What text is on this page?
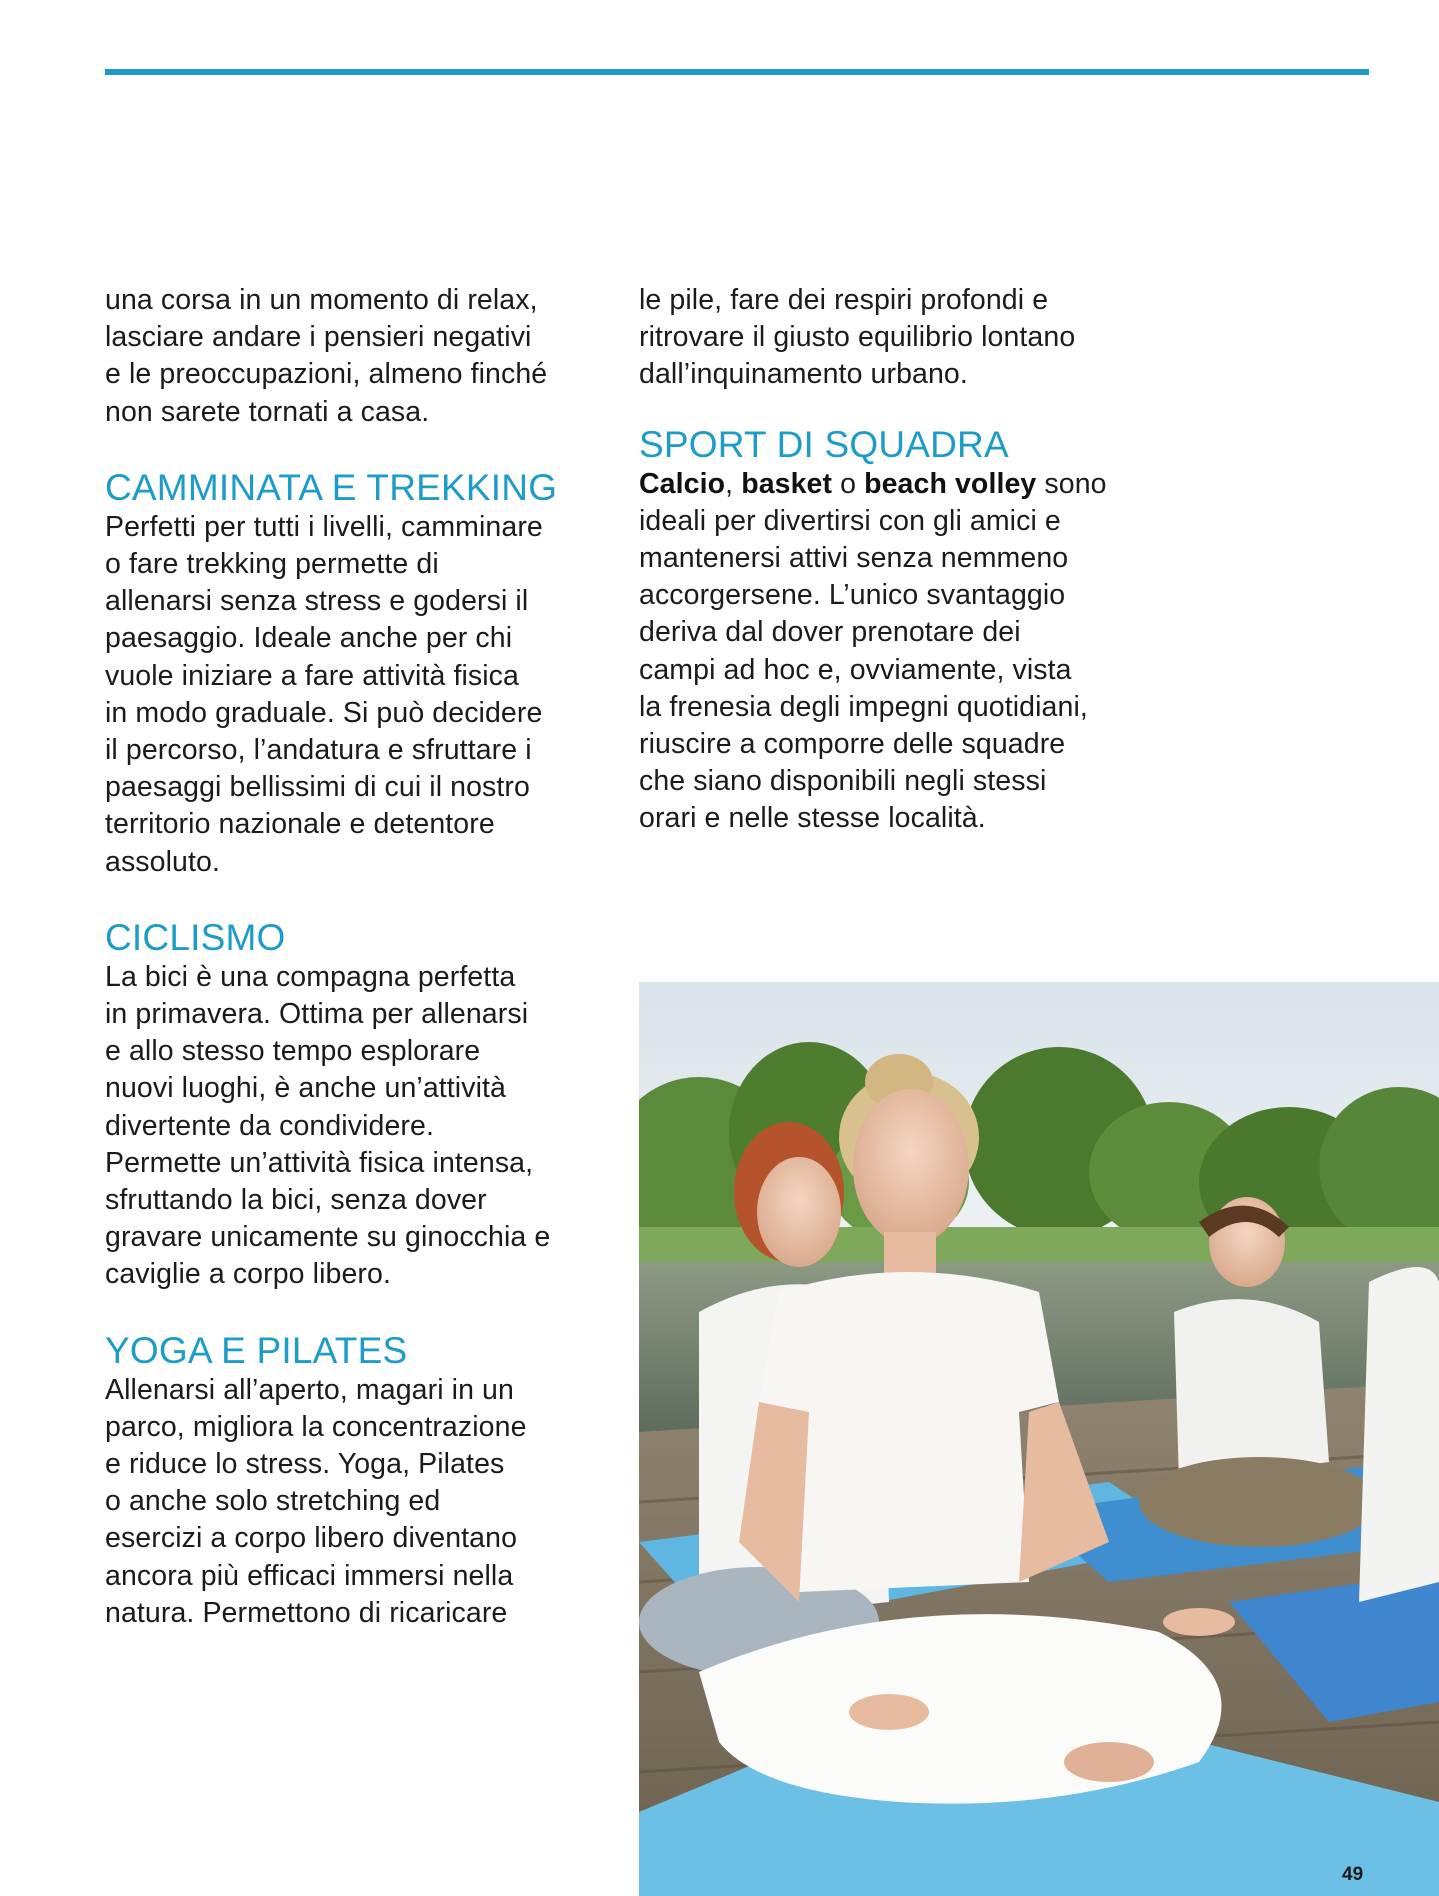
una corsa in un momento di relax,
lasciare andare i pensieri negativi
e le preoccupazioni, almeno finché
non sarete tornati a casa.

CAMMINATA E TREKKING

Perfetti per tutti i livelli, camminare
o fare trekking permette di
allenarsi senza stress e godersi il
paesaggio. Ideale anche per chi
vuole iniziare a fare attività fisica
in modo graduale. Si può decidere
il percorso, l’andatura e sfruttare i
paesaggi bellissimi di cui il nostro
territorio nazionale e detentore
assoluto.

CICLISMO

La bici è una compagna perfetta
in primavera. Ottima per allenarsi
e allo stesso tempo esplorare
nuovi luoghi, è anche un’attività
divertente da condividere.
Permette un’attività fisica intensa,
sfruttando la bici, senza dover
gravare unicamente su ginocchia e
caviglie a corpo libero.

YOGA E PILATES

Allenarsi all’aperto, magari in un
parco, migliora la concentrazione
e riduce lo stress. Yoga, Pilates
o anche solo stretching ed
esercizi a corpo libero diventano
ancora più efficaci immersi nella
natura. Permettono di ricaricare

le pile, fare dei respiri profondi e
ritrovare il giusto equilibrio lontano
dall’inquinamento urbano.

SPORT DI SQUADRA

Calcio, basket o beach volley sono
ideali per divertirsi con gli amici e
mantenersi attivi senza nemmeno
accorgersene. L’unico svantaggio
deriva dal dover prenotare dei
campi ad hoc e, ovviamente, vista
la frenesia degli impegni quotidiani,
riuscire a comporre delle squadre
che siano disponibili negli stessi
orari e nelle stesse località.

49
